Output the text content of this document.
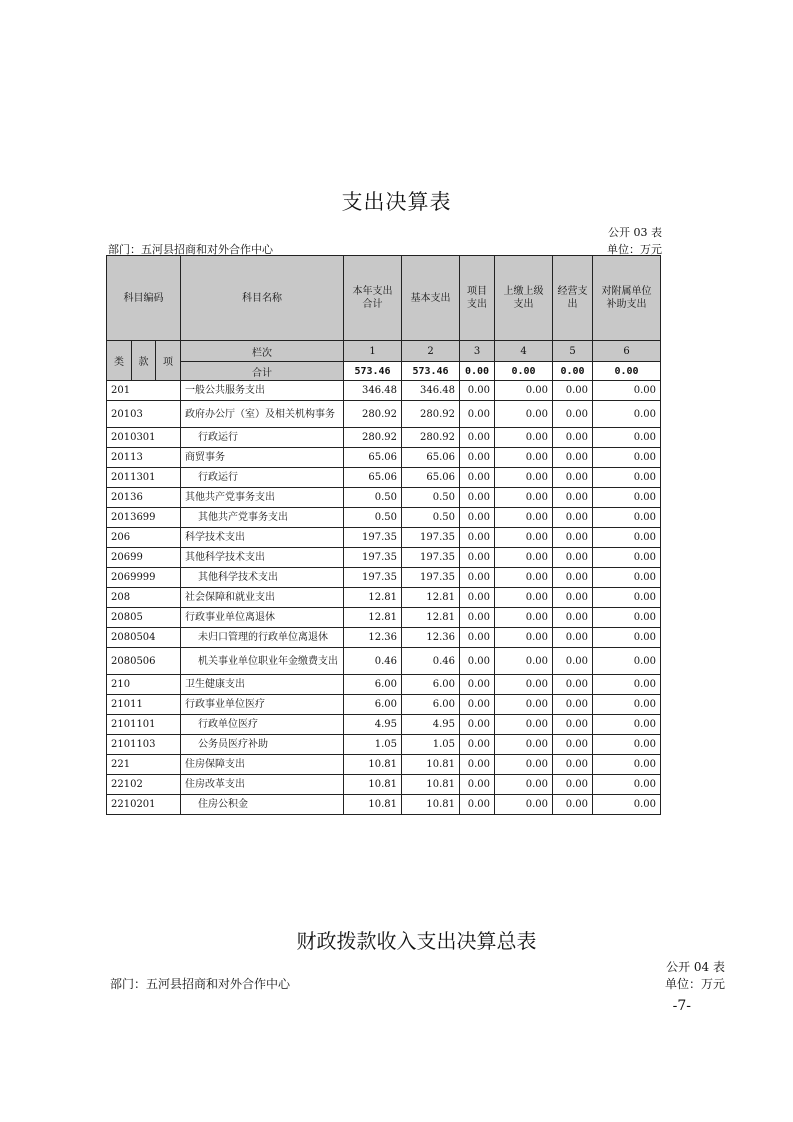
支出决算表
公开 03 表
部门：五河县招商和对外合作中心	单位：万元
科目编码			科目名称	本年支出合计	基本支出	项目支出	上缴上级支出	经营支出	对附属单位补助支出
类	款	项	栏次	1	2	3	4	5	6
			合计	573.46	573.46	0.00	0.00	0.00	0.00
201			一般公共服务支出	346.48	346.48	0.00	0.00	0.00	0.00
20103			政府办公厅（室）及相关机构事务	280.92	280.92	0.00	0.00	0.00	0.00
2010301			行政运行	280.92	280.92	0.00	0.00	0.00	0.00
20113			商贸事务	65.06	65.06	0.00	0.00	0.00	0.00
2011301			行政运行	65.06	65.06	0.00	0.00	0.00	0.00
20136			其他共产党事务支出	0.50	0.50	0.00	0.00	0.00	0.00
2013699			其他共产党事务支出	0.50	0.50	0.00	0.00	0.00	0.00
206			科学技术支出	197.35	197.35	0.00	0.00	0.00	0.00
20699			其他科学技术支出	197.35	197.35	0.00	0.00	0.00	0.00
2069999			其他科学技术支出	197.35	197.35	0.00	0.00	0.00	0.00
208			社会保障和就业支出	12.81	12.81	0.00	0.00	0.00	0.00
20805			行政事业单位离退休	12.81	12.81	0.00	0.00	0.00	0.00
2080504			未归口管理的行政单位离退休	12.36	12.36	0.00	0.00	0.00	0.00
2080506			机关事业单位职业年金缴费支出	0.46	0.46	0.00	0.00	0.00	0.00
210			卫生健康支出	6.00	6.00	0.00	0.00	0.00	0.00
21011			行政事业单位医疗	6.00	6.00	0.00	0.00	0.00	0.00
2101101			行政单位医疗	4.95	4.95	0.00	0.00	0.00	0.00
2101103			公务员医疗补助	1.05	1.05	0.00	0.00	0.00	0.00
221			住房保障支出	10.81	10.81	0.00	0.00	0.00	0.00
22102			住房改革支出	10.81	10.81	0.00	0.00	0.00	0.00
2210201			住房公积金	10.81	10.81	0.00	0.00	0.00	0.00
财政拨款收入支出决算总表
公开 04 表
部门：五河县招商和对外合作中心	单位：万元
-7-
